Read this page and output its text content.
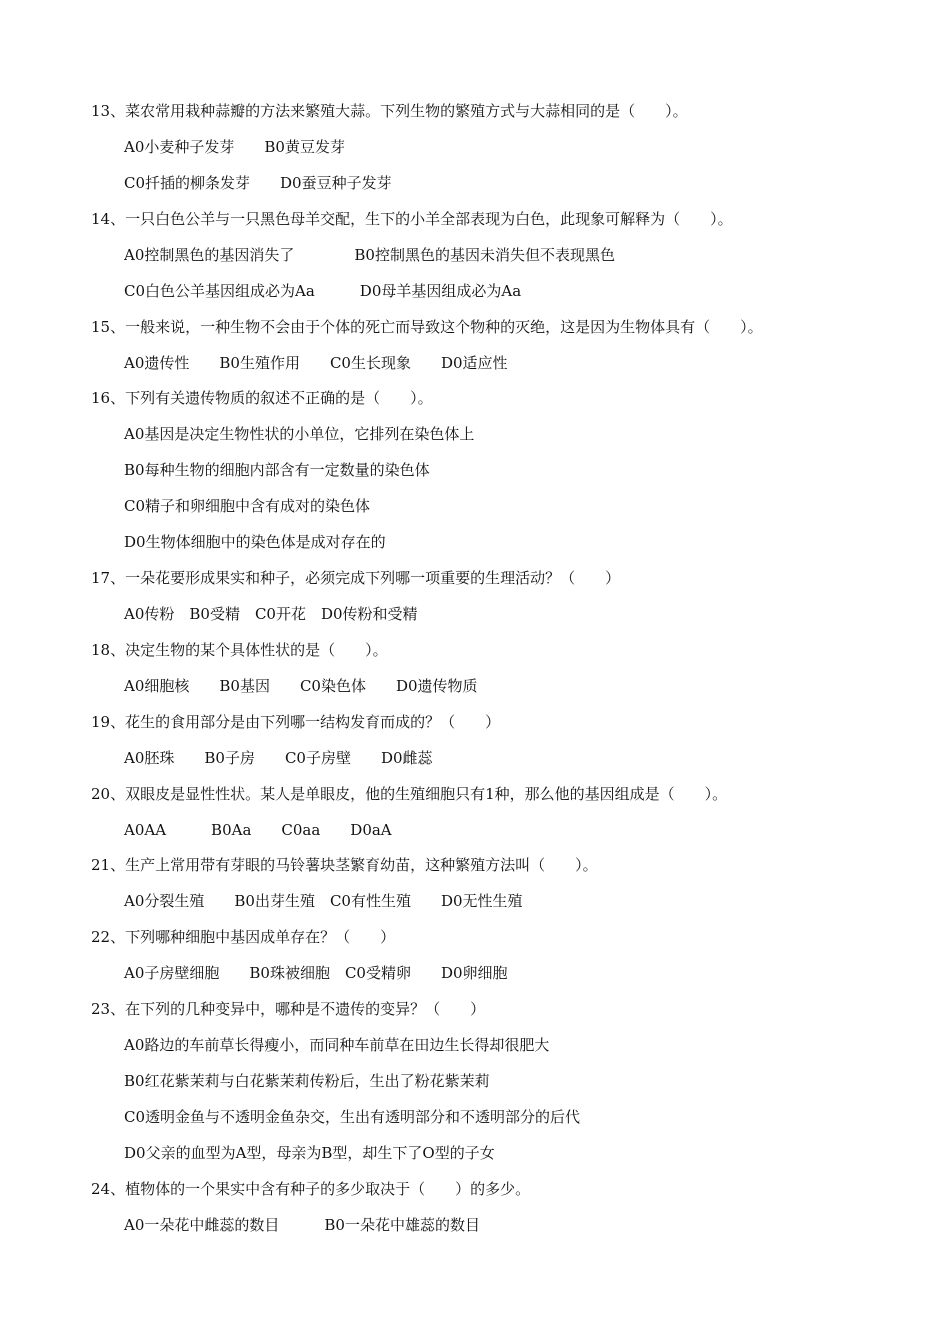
13、菜农常用栽种蒜瓣的方法来繁殖大蒜。下列生物的繁殖方式与大蒜相同的是（　　）。
A0小麦种子发芽　　B0黄豆发芽
C0扦插的柳条发芽　　D0蚕豆种子发芽
14、一只白色公羊与一只黑色母羊交配，生下的小羊全部表现为白色，此现象可解释为（　　）。
A0控制黑色的基因消失了　　　　B0控制黑色的基因未消失但不表现黑色
C0白色公羊基因组成必为Aa　　　D0母羊基因组成必为Aa
15、一般来说，一种生物不会由于个体的死亡而导致这个物种的灭绝，这是因为生物体具有（　　）。
A0遗传性　　B0生殖作用　　C0生长现象　　D0适应性
16、下列有关遗传物质的叙述不正确的是（　　）。
A0基因是决定生物性状的小单位，它排列在染色体上
B0每种生物的细胞内部含有一定数量的染色体
C0精子和卵细胞中含有成对的染色体
D0生物体细胞中的染色体是成对存在的
17、一朵花要形成果实和种子，必须完成下列哪一项重要的生理活动？（　　）
A0传粉　B0受精　C0开花　D0传粉和受精
18、决定生物的某个具体性状的是（　　）。
A0细胞核　　B0基因　　C0染色体　　D0遗传物质
19、花生的食用部分是由下列哪一结构发育而成的？（　　）
A0胚珠　　B0子房　　C0子房壁　　D0雌蕊
20、双眼皮是显性性状。某人是单眼皮，他的生殖细胞只有1种，那么他的基因组成是（　　）。
A0AA　　　B0Aa　　C0aa　　D0aA
21、生产上常用带有芽眼的马铃薯块茎繁育幼苗，这种繁殖方法叫（　　）。
A0分裂生殖　　B0出芽生殖　C0有性生殖　　D0无性生殖
22、下列哪种细胞中基因成单存在？（　　）
A0子房壁细胞　　B0珠被细胞　C0受精卵　　D0卵细胞
23、在下列的几种变异中，哪种是不遗传的变异？（　　）
A0路边的车前草长得瘦小，而同种车前草在田边生长得却很肥大
B0红花紫茉莉与白花紫茉莉传粉后，生出了粉花紫茉莉
C0透明金鱼与不透明金鱼杂交，生出有透明部分和不透明部分的后代
D0父亲的血型为A型，母亲为B型，却生下了O型的子女
24、植物体的一个果实中含有种子的多少取决于（　　）的多少。
A0一朵花中雌蕊的数目　　　B0一朵花中雄蕊的数目
